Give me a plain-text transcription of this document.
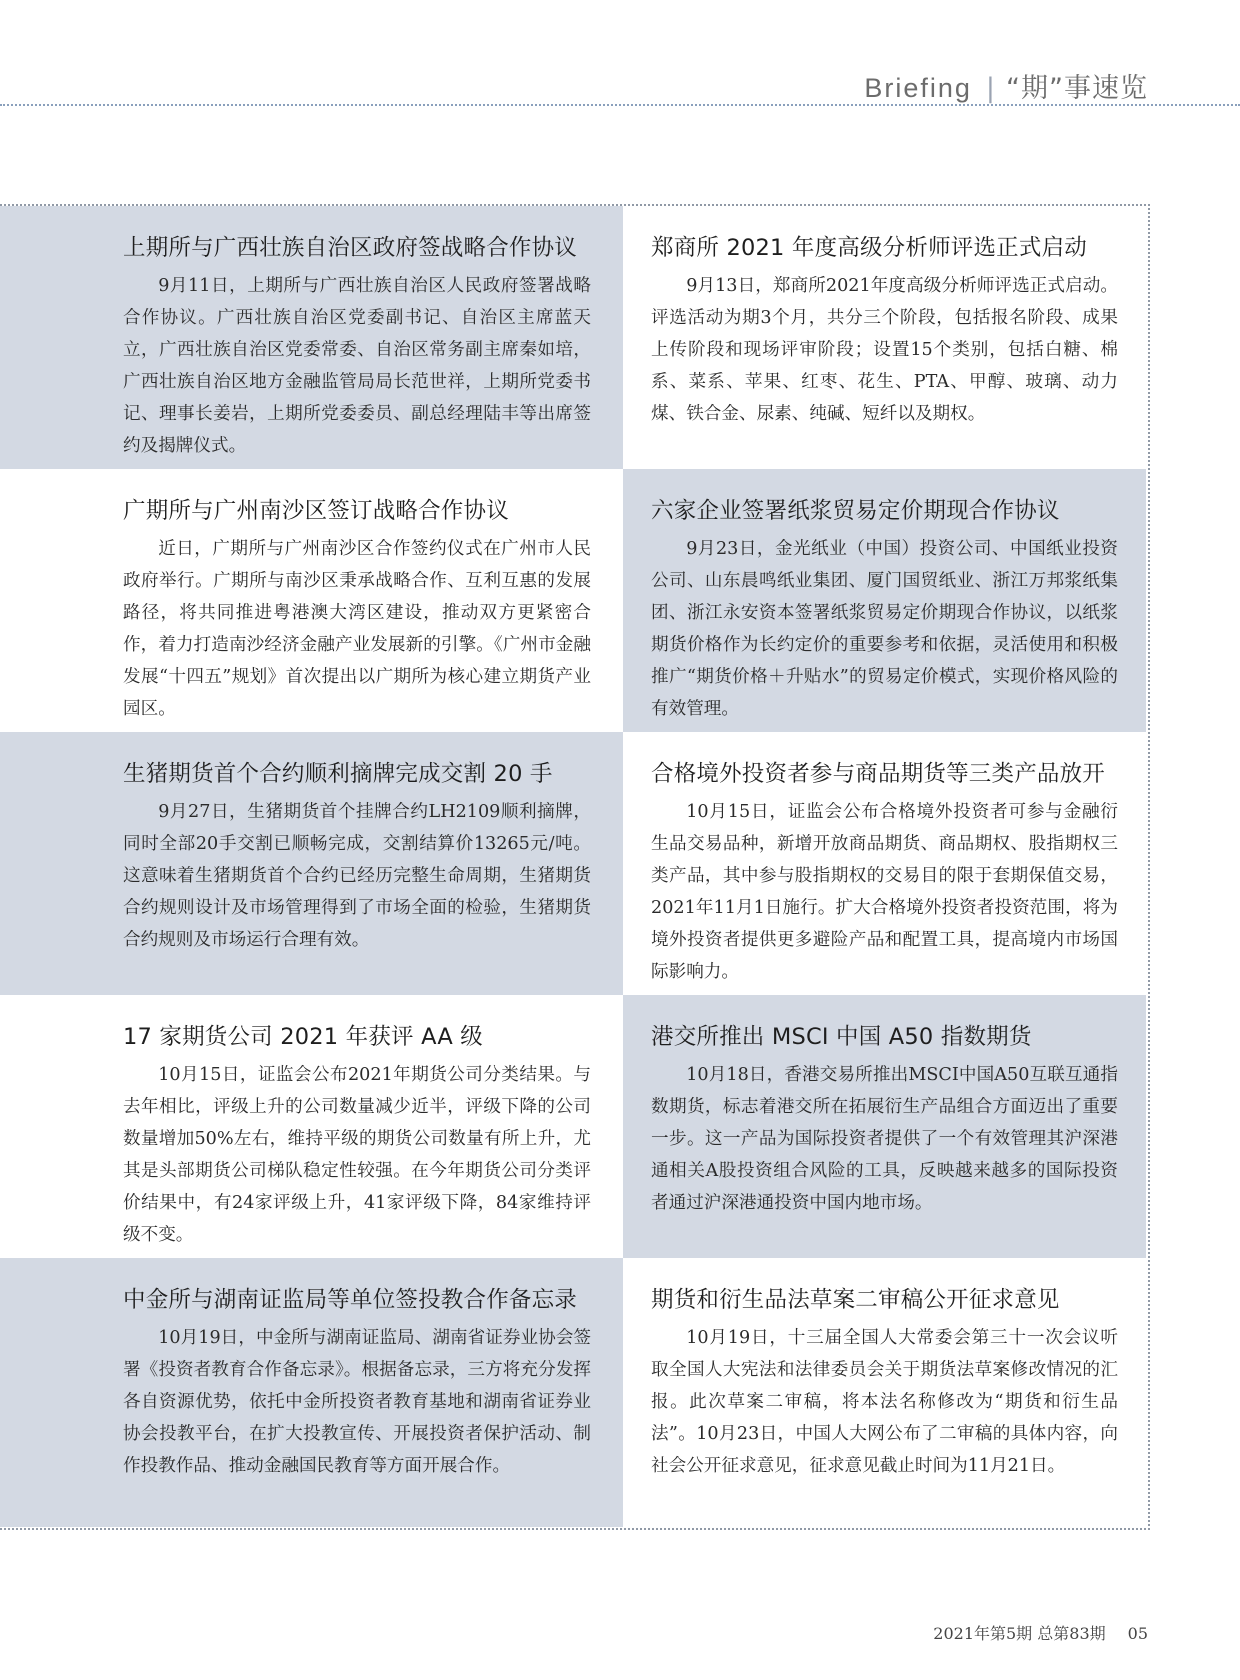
Briefing | “期”事速览
上期所与广西壮族自治区政府签战略合作协议

9月11日，上期所与广西壮族自治区人民政府签署战略合作协议。广西壮族自治区党委副书记、自治区主席蓝天立，广西壮族自治区党委常委、自治区常务副主席秦如培，广西壮族自治区地方金融监管局局长范世祥，上期所党委书记、理事长姜岩，上期所党委委员、副总经理陆丰等出席签约及揭牌仪式。

郑商所 2021 年度高级分析师评选正式启动

9月13日，郑商所2021年度高级分析师评选正式启动。评选活动为期3个月，共分三个阶段，包括报名阶段、成果上传阶段和现场评审阶段；设置15个类别，包括白糖、棉系、菜系、苹果、红枣、花生、PTA、甲醇、玻璃、动力煤、铁合金、尿素、纯碱、短纤以及期权。

广期所与广州南沙区签订战略合作协议

近日，广期所与广州南沙区合作签约仪式在广州市人民政府举行。广期所与南沙区秉承战略合作、互利互惠的发展路径，将共同推进粤港澳大湾区建设，推动双方更紧密合作，着力打造南沙经济金融产业发展新的引擎。《广州市金融发展“十四五”规划》首次提出以广期所为核心建立期货产业园区。

六家企业签署纸浆贸易定价期现合作协议

9月23日，金光纸业（中国）投资公司、中国纸业投资公司、山东晨鸣纸业集团、厦门国贸纸业、浙江万邦浆纸集团、浙江永安资本签署纸浆贸易定价期现合作协议，以纸浆期货价格作为长约定价的重要参考和依据，灵活使用和积极推广“期货价格＋升贴水”的贸易定价模式，实现价格风险的有效管理。

生猪期货首个合约顺利摘牌完成交割 20 手

9月27日，生猪期货首个挂牌合约LH2109顺利摘牌，同时全部20手交割已顺畅完成，交割结算价13265元/吨。这意味着生猪期货首个合约已经历完整生命周期，生猪期货合约规则设计及市场管理得到了市场全面的检验，生猪期货合约规则及市场运行合理有效。

合格境外投资者参与商品期货等三类产品放开

10月15日，证监会公布合格境外投资者可参与金融衍生品交易品种，新增开放商品期货、商品期权、股指期权三类产品，其中参与股指期权的交易目的限于套期保值交易，2021年11月1日施行。扩大合格境外投资者投资范围，将为境外投资者提供更多避险产品和配置工具，提高境内市场国际影响力。

17 家期货公司 2021 年获评 AA 级

10月15日，证监会公布2021年期货公司分类结果。与去年相比，评级上升的公司数量减少近半，评级下降的公司数量增加50%左右，维持平级的期货公司数量有所上升，尤其是头部期货公司梯队稳定性较强。在今年期货公司分类评价结果中，有24家评级上升，41家评级下降，84家维持评级不变。

港交所推出 MSCI 中国 A50 指数期货

10月18日，香港交易所推出MSCI中国A50互联互通指数期货，标志着港交所在拓展衍生产品组合方面迈出了重要一步。这一产品为国际投资者提供了一个有效管理其沪深港通相关A股投资组合风险的工具，反映越来越多的国际投资者通过沪深港通投资中国内地市场。

中金所与湖南证监局等单位签投教合作备忘录

10月19日，中金所与湖南证监局、湖南省证券业协会签署《投资者教育合作备忘录》。根据备忘录，三方将充分发挥各自资源优势，依托中金所投资者教育基地和湖南省证券业协会投教平台，在扩大投教宣传、开展投资者保护活动、制作投教作品、推动金融国民教育等方面开展合作。

期货和衍生品法草案二审稿公开征求意见

10月19日，十三届全国人大常委会第三十一次会议听取全国人大宪法和法律委员会关于期货法草案修改情况的汇报。此次草案二审稿，将本法名称修改为“期货和衍生品法”。10月23日，中国人大网公布了二审稿的具体内容，向社会公开征求意见，征求意见截止时间为11月21日。

2021年第5期 总第83期 05
